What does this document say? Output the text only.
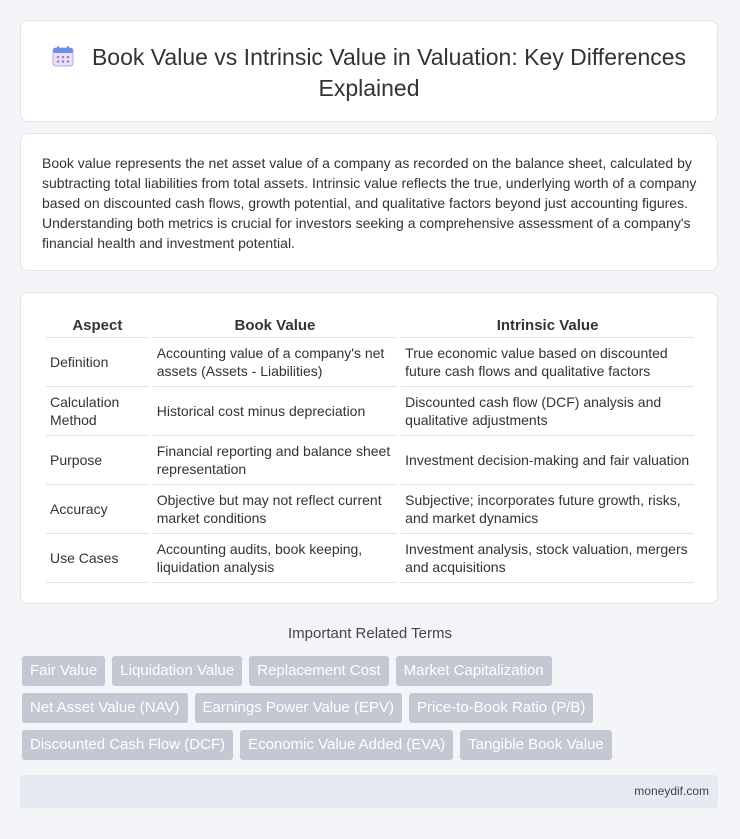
Book Value vs Intrinsic Value in Valuation: Key Differences Explained

Book value represents the net asset value of a company as recorded on the balance sheet, calculated by subtracting total liabilities from total assets. Intrinsic value reflects the true, underlying worth of a company based on discounted cash flows, growth potential, and qualitative factors beyond just accounting figures. Understanding both metrics is crucial for investors seeking a comprehensive assessment of a company's financial health and investment potential.

Aspect	Book Value	Intrinsic Value
Definition	Accounting value of a company's net assets (Assets - Liabilities)	True economic value based on discounted future cash flows and qualitative factors
Calculation Method	Historical cost minus depreciation	Discounted cash flow (DCF) analysis and qualitative adjustments
Purpose	Financial reporting and balance sheet representation	Investment decision-making and fair valuation
Accuracy	Objective but may not reflect current market conditions	Subjective; incorporates future growth, risks, and market dynamics
Use Cases	Accounting audits, book keeping, liquidation analysis	Investment analysis, stock valuation, mergers and acquisitions
Important Related Terms
Fair Value	Liquidation Value	Replacement Cost	Market Capitalization
Net Asset Value (NAV)	Earnings Power Value (EPV)	Price-to-Book Ratio (P/B)
Discounted Cash Flow (DCF)	Economic Value Added (EVA)	Tangible Book Value
moneydif.com
